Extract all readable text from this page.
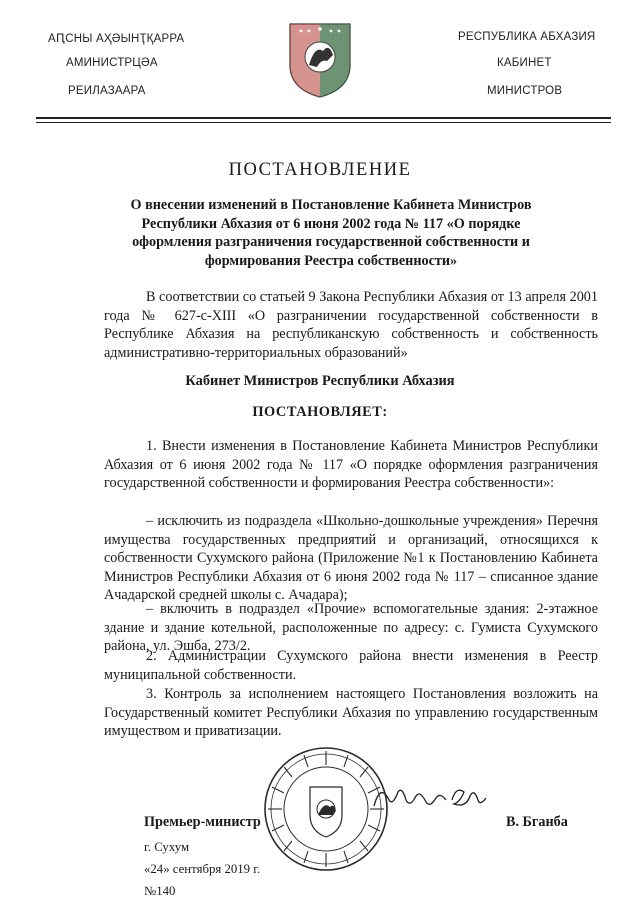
АԤСНЫ АҲӘЫНҬҚАРРА
АМИНИСТРЦӘА
РЕИЛАЗААРА
РЕСПУБЛИКА АБХАЗИЯ
КАБИНЕТ
МИНИСТРОВ
ПОСТАНОВЛЕНИЕ
О внесении изменений в Постановление Кабинета Министров
Республики Абхазия от 6 июня 2002 года № 117 «О порядке
оформления разграничения государственной собственности и
формирования Реестра собственности»
В соответствии со статьей 9 Закона Республики Абхазия от 13 апреля 2001 года № 627-с-XIII «О разграничении государственной собственности в Республике Абхазия на республиканскую собственность и собственность административно-территориальных образований»
Кабинет Министров Республики Абхазия
ПОСТАНОВЛЯЕТ:
1. Внести изменения в Постановление Кабинета Министров Республики Абхазия от 6 июня 2002 года № 117 «О порядке оформления разграничения государственной собственности и формирования Реестра собственности»:
– исключить из подраздела «Школьно-дошкольные учреждения» Перечня имущества государственных предприятий и организаций, относящихся к собственности Сухумского района (Приложение №1 к Постановлению Кабинета Министров Республики Абхазия от 6 июня 2002 года № 117 – списанное здание Ачадарской средней школы с. Ачадара);
– включить в подраздел «Прочие» вспомогательные здания: 2-этажное здание и здание котельной, расположенные по адресу: с. Гумиста Сухумского района, ул. Эшба, 273/2.
2. Администрации Сухумского района внести изменения в Реестр муниципальной собственности.
3. Контроль за исполнением настоящего Постановления возложить на Государственный комитет Республики Абхазия по управлению государственным имуществом и приватизации.
Премьер-министр	В. Бганба
г. Сухум
«24» сентября 2019 г.
№140
